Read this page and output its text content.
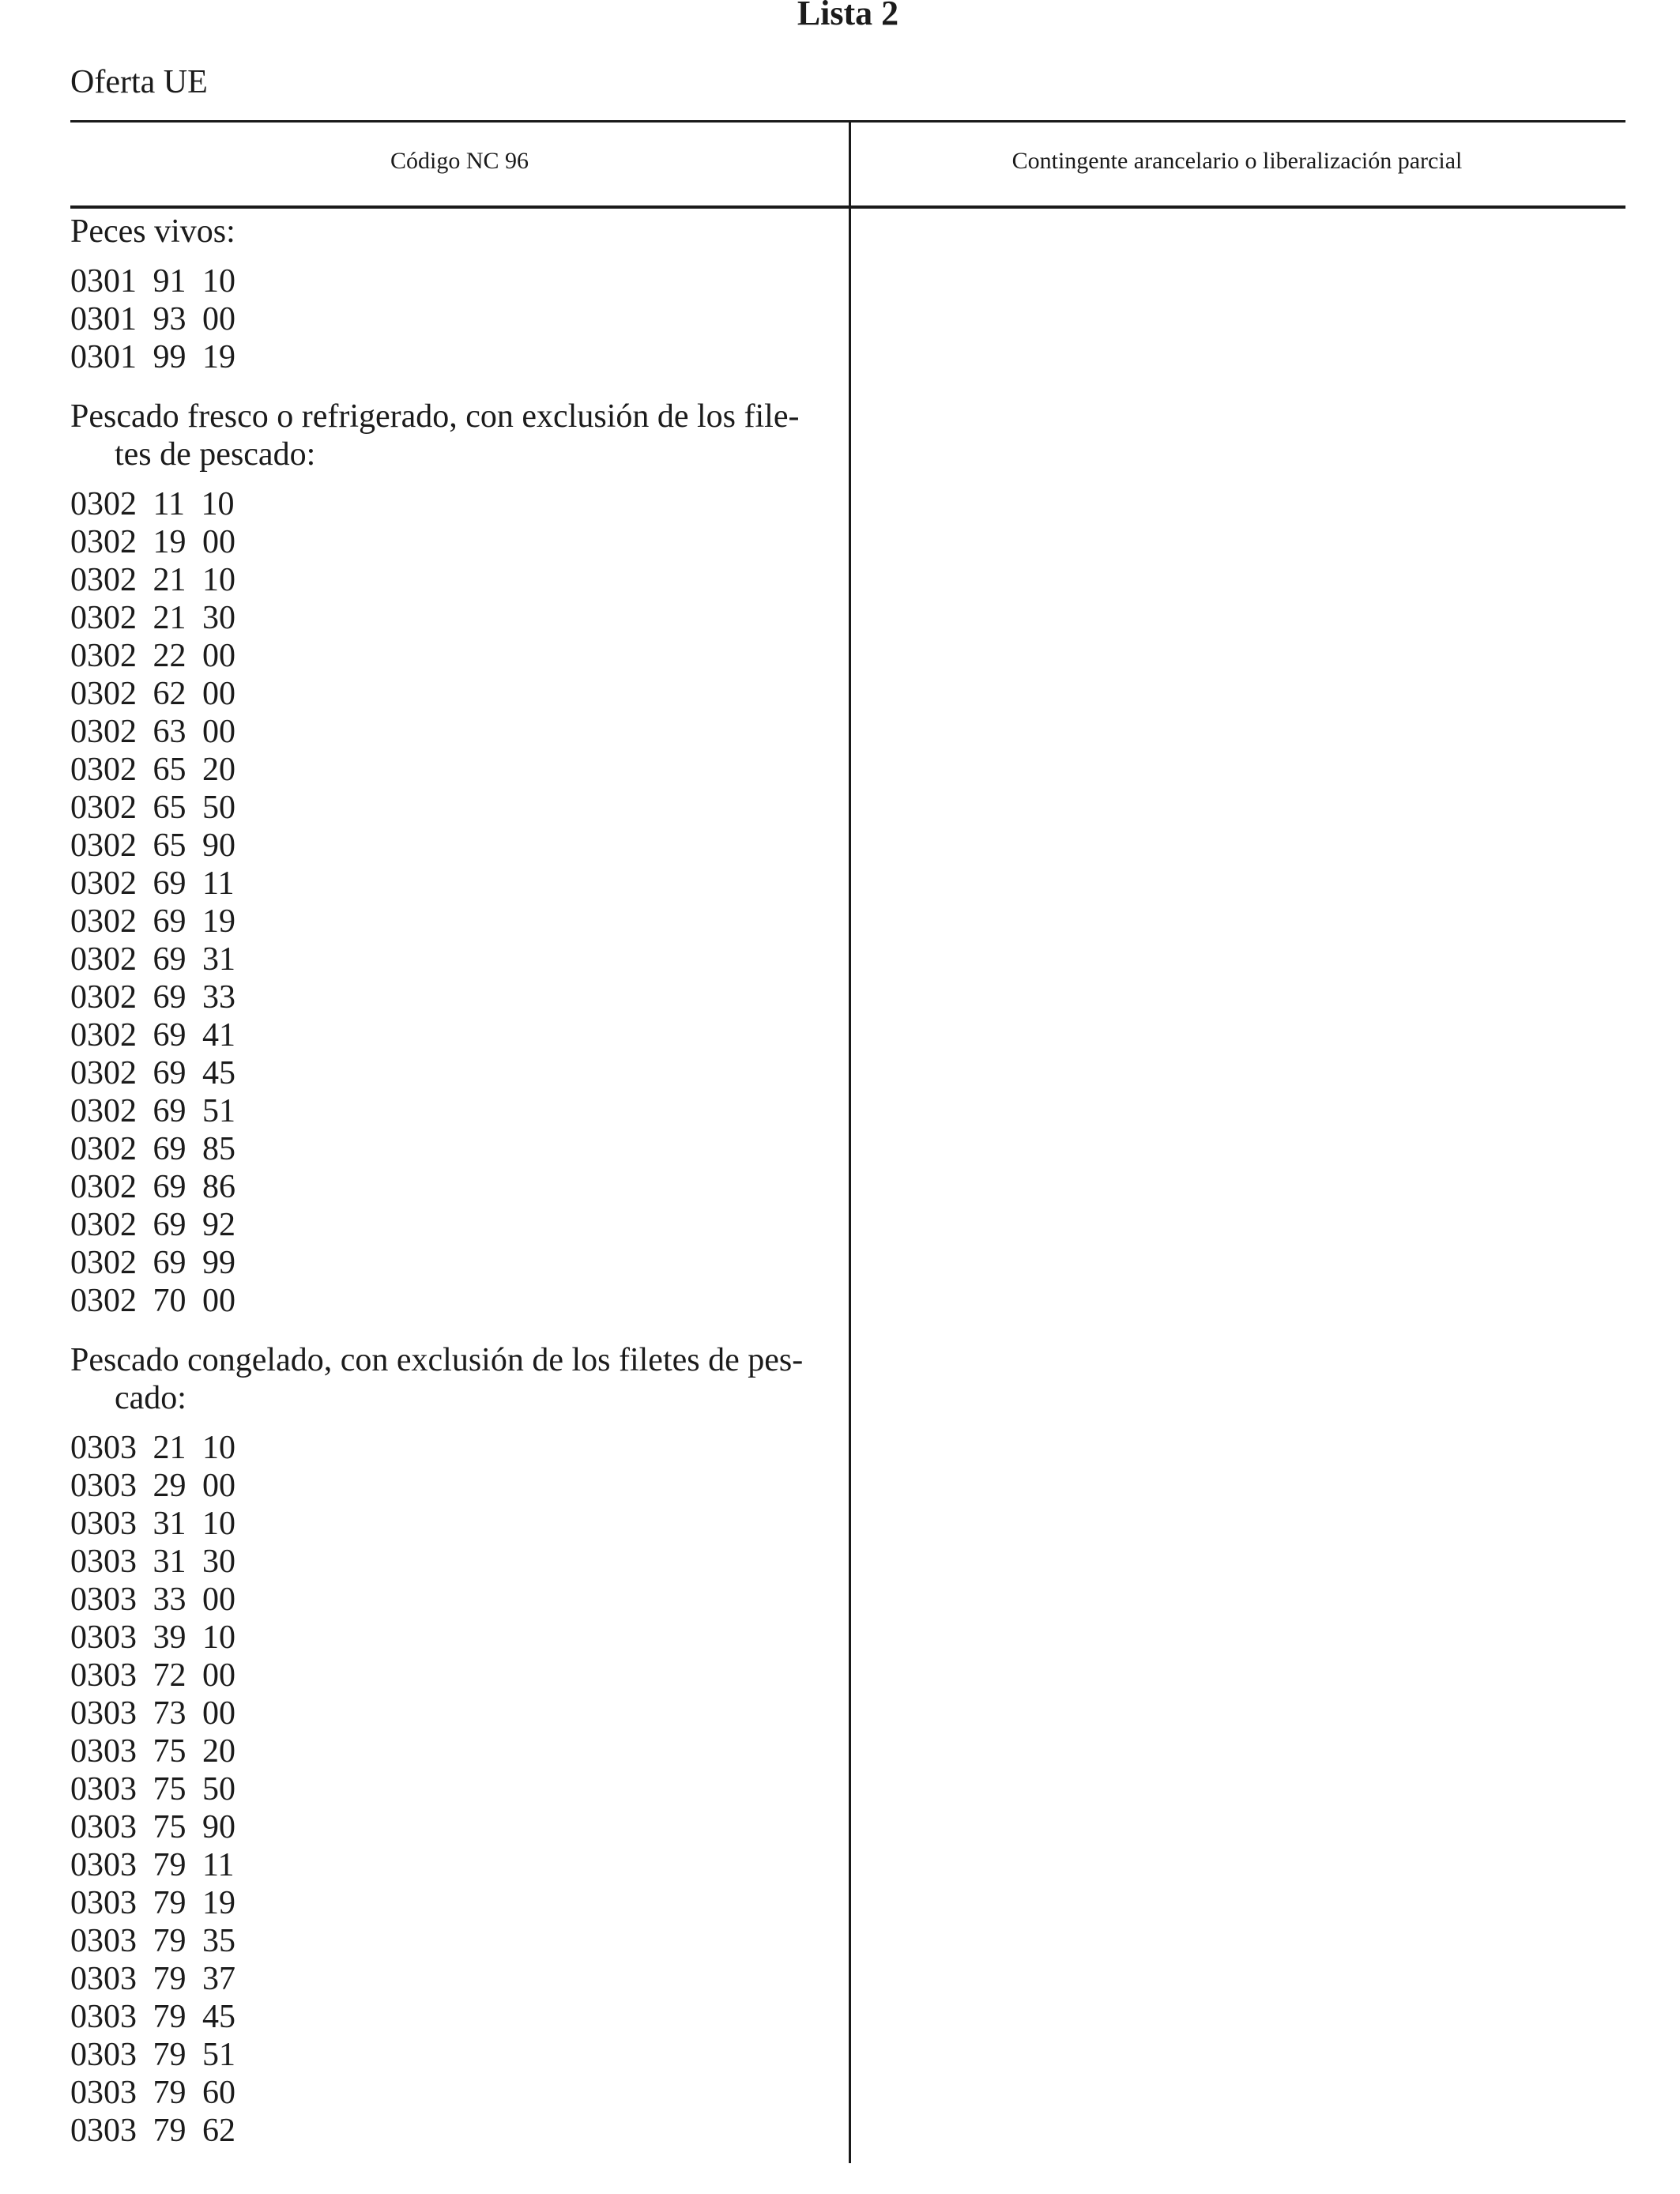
Lista 2
Oferta UE
Código NC 96	Contingente arancelario o liberalización parcial
Peces vivos:
0301 91 10
0301 93 00
0301 99 19
Pescado fresco o refrigerado, con exclusión de los file-
tes de pescado:
0302 11 10
0302 19 00
0302 21 10
0302 21 30
0302 22 00
0302 62 00
0302 63 00
0302 65 20
0302 65 50
0302 65 90
0302 69 11
0302 69 19
0302 69 31
0302 69 33
0302 69 41
0302 69 45
0302 69 51
0302 69 85
0302 69 86
0302 69 92
0302 69 99
0302 70 00
Pescado congelado, con exclusión de los filetes de pes-
cado:
0303 21 10
0303 29 00
0303 31 10
0303 31 30
0303 33 00
0303 39 10
0303 72 00
0303 73 00
0303 75 20
0303 75 50
0303 75 90
0303 79 11
0303 79 19
0303 79 35
0303 79 37
0303 79 45
0303 79 51
0303 79 60
0303 79 62
